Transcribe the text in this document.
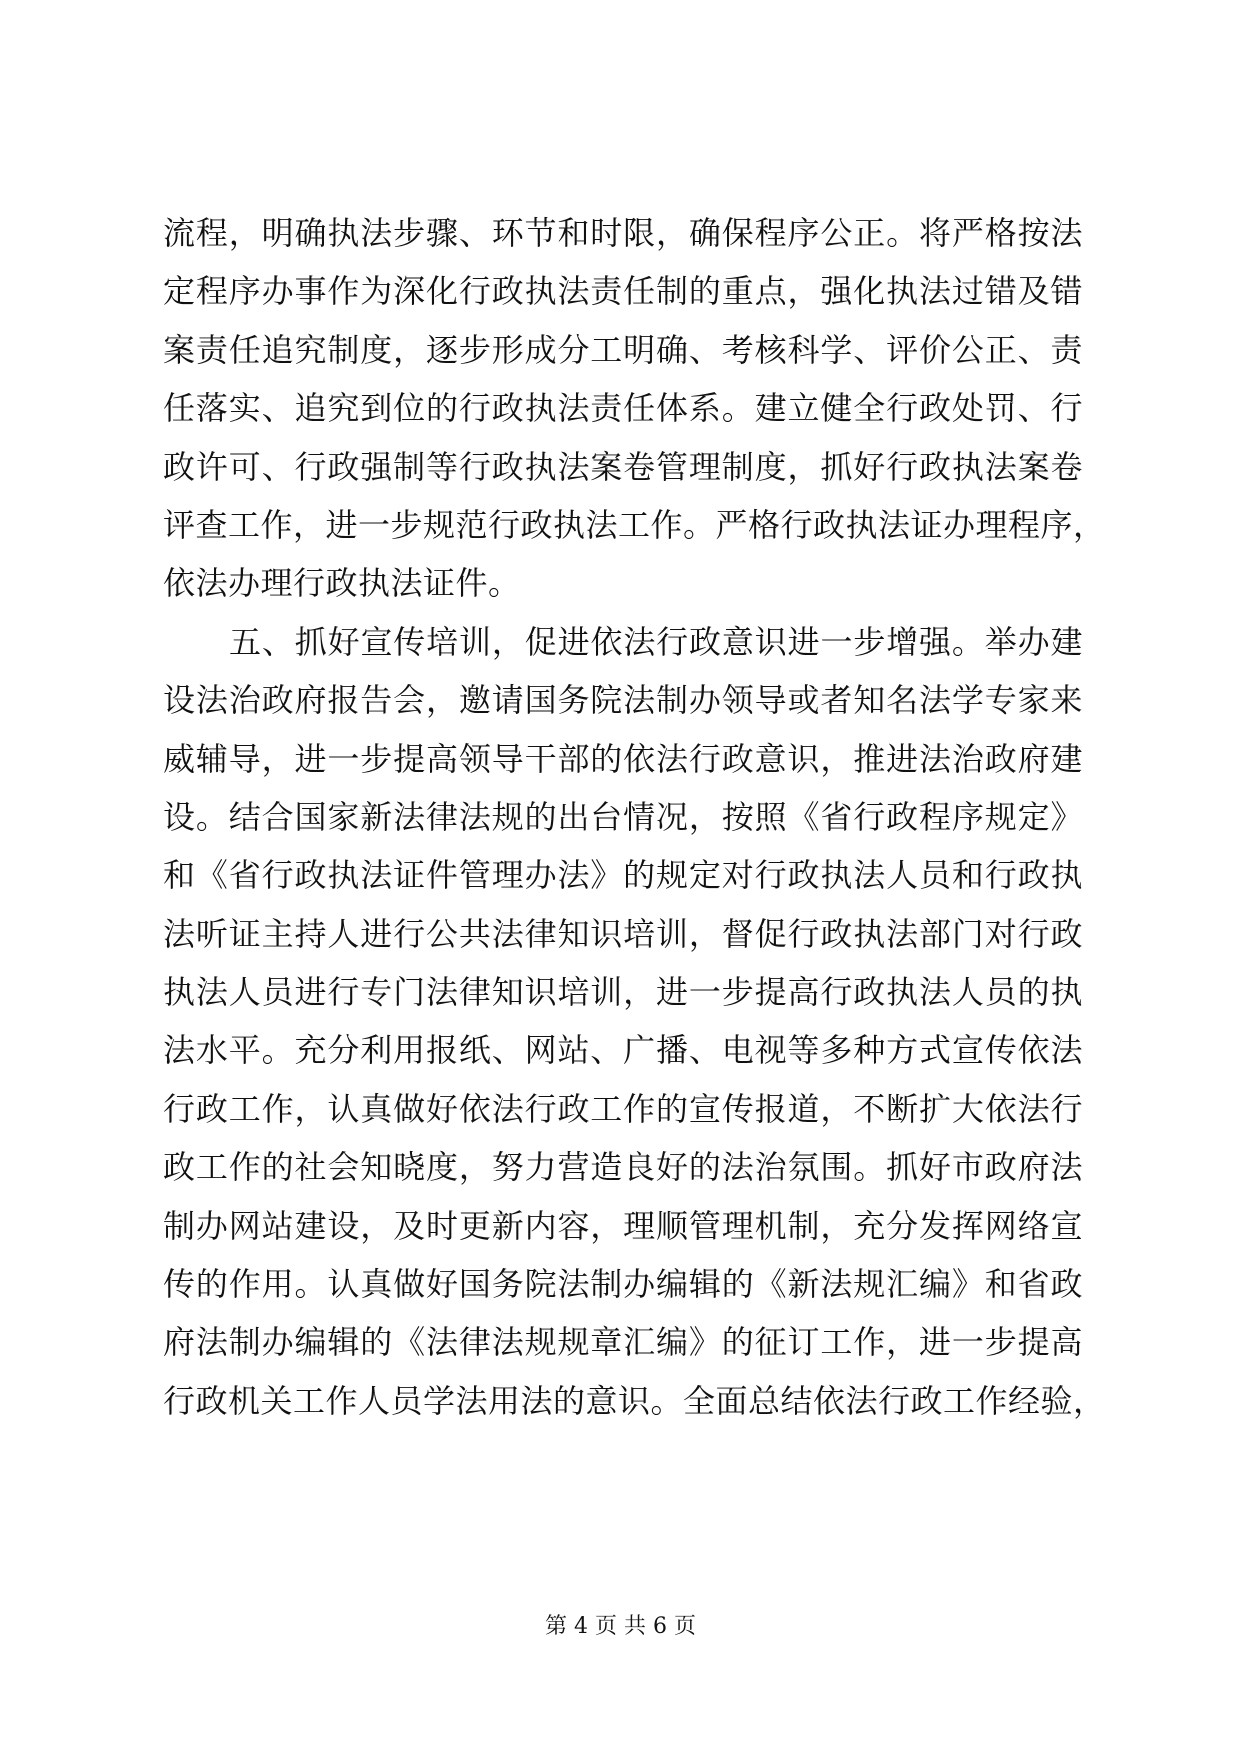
流程，明确执法步骤、环节和时限，确保程序公正。将严格按法
定程序办事作为深化行政执法责任制的重点，强化执法过错及错
案责任追究制度，逐步形成分工明确、考核科学、评价公正、责
任落实、追究到位的行政执法责任体系。建立健全行政处罚、行
政许可、行政强制等行政执法案卷管理制度，抓好行政执法案卷
评查工作，进一步规范行政执法工作。严格行政执法证办理程序，
依法办理行政执法证件。
五、抓好宣传培训，促进依法行政意识进一步增强。举办建
设法治政府报告会，邀请国务院法制办领导或者知名法学专家来
威辅导，进一步提高领导干部的依法行政意识，推进法治政府建
设。结合国家新法律法规的出台情况，按照《省行政程序规定》
和《省行政执法证件管理办法》的规定对行政执法人员和行政执
法听证主持人进行公共法律知识培训，督促行政执法部门对行政
执法人员进行专门法律知识培训，进一步提高行政执法人员的执
法水平。充分利用报纸、网站、广播、电视等多种方式宣传依法
行政工作，认真做好依法行政工作的宣传报道，不断扩大依法行
政工作的社会知晓度，努力营造良好的法治氛围。抓好市政府法
制办网站建设，及时更新内容，理顺管理机制，充分发挥网络宣
传的作用。认真做好国务院法制办编辑的《新法规汇编》和省政
府法制办编辑的《法律法规规章汇编》的征订工作，进一步提高
行政机关工作人员学法用法的意识。全面总结依法行政工作经验，
第 4 页 共 6 页
